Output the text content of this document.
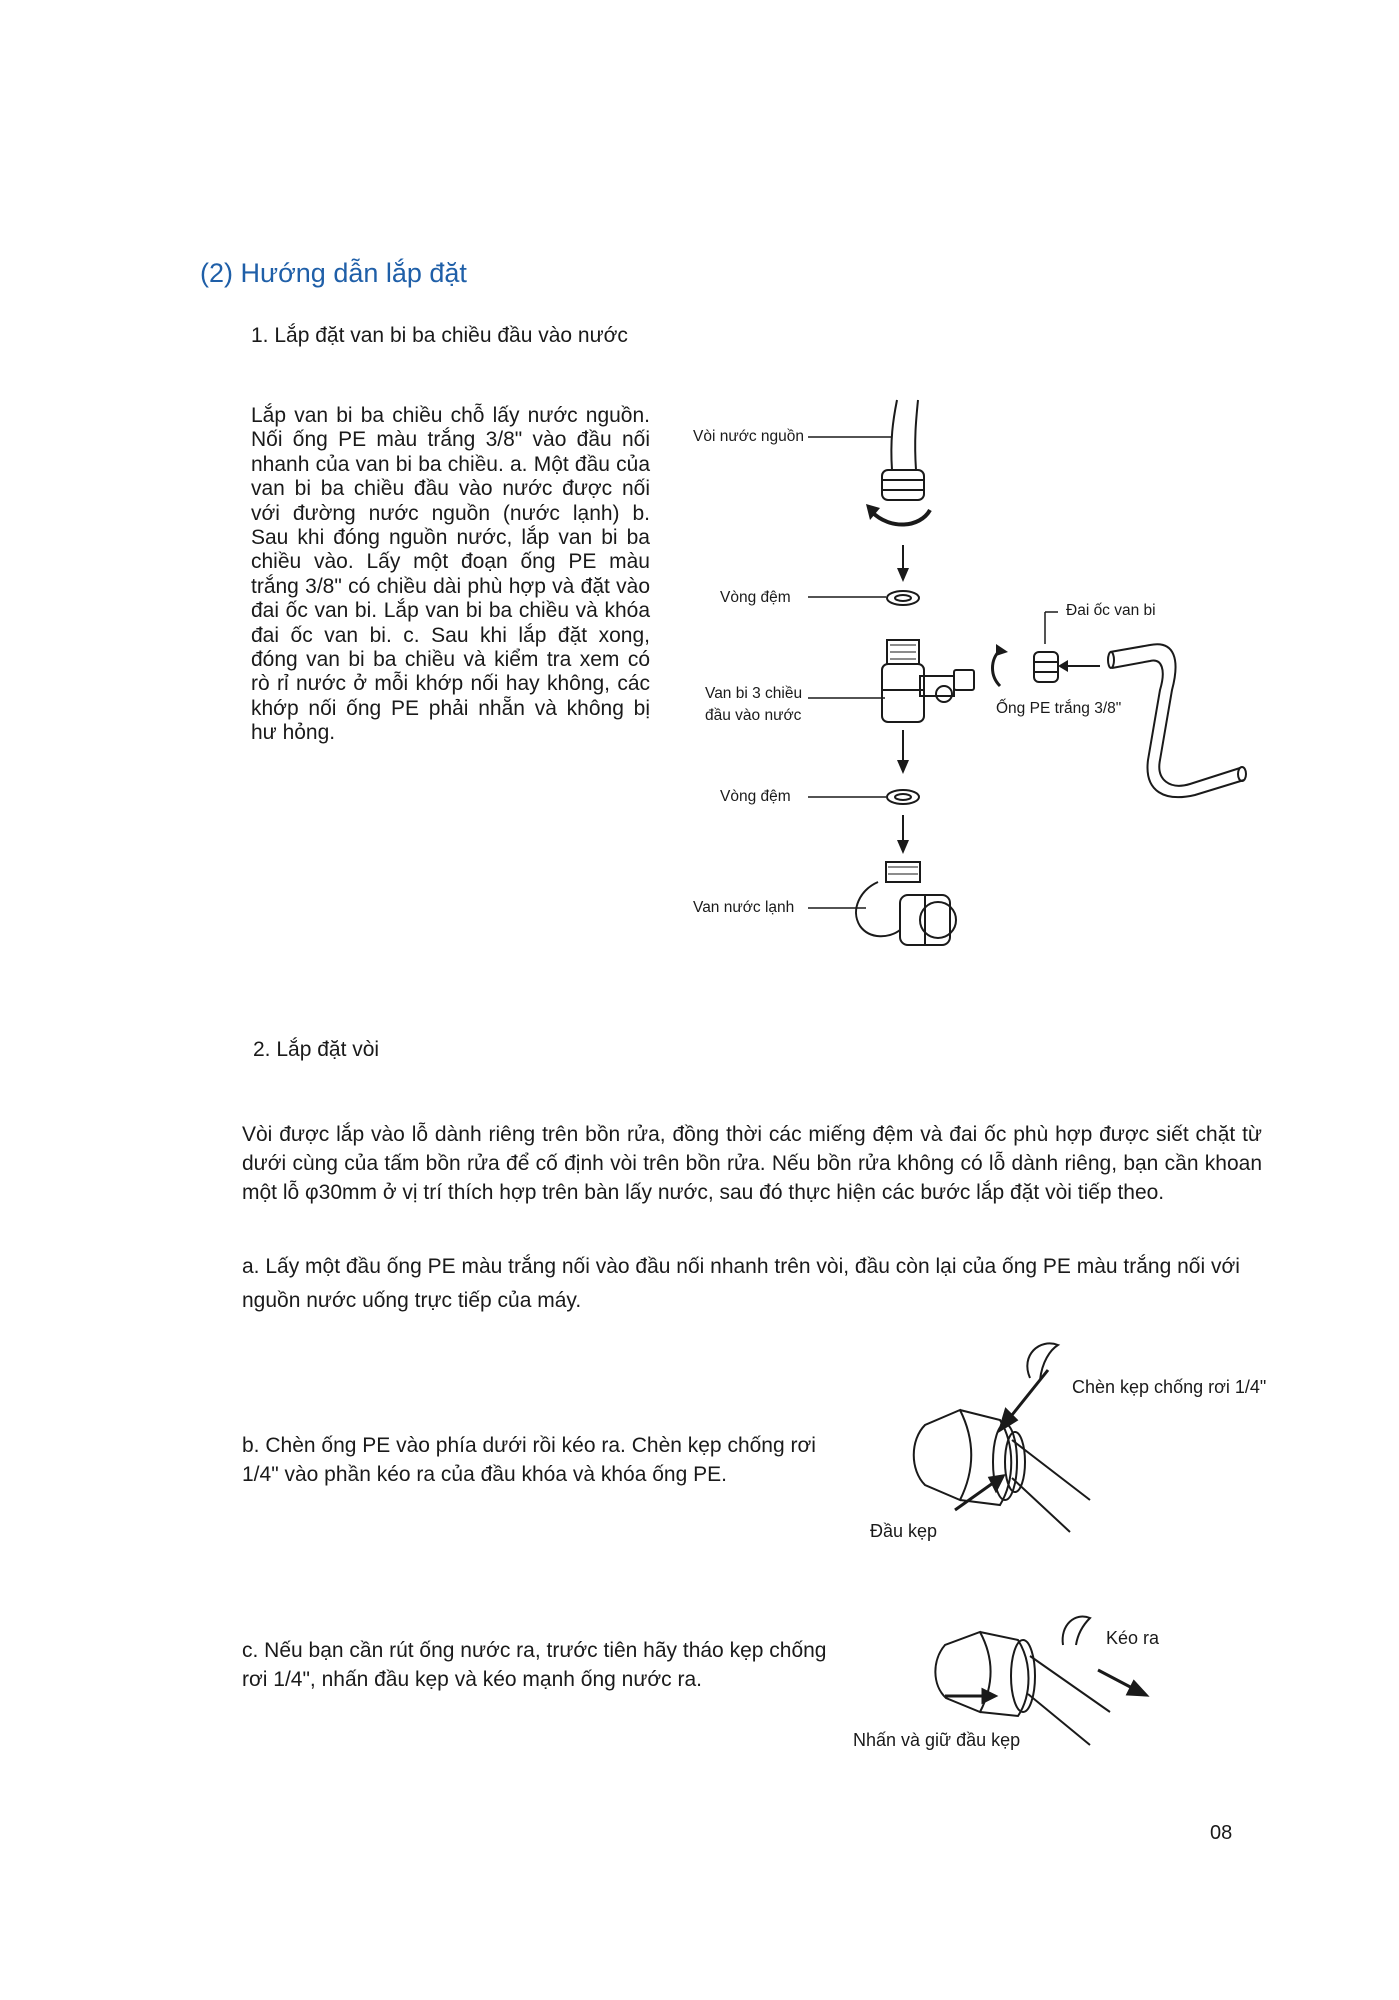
(2) Hướng dẫn lắp đặt
1. Lắp đặt van bi ba chiều đầu vào nước
Lắp van bi ba chiều chỗ lấy nước nguồn. Nối ống PE màu trắng 3/8" vào đầu nối nhanh của van bi ba chiều. a. Một đầu của van bi ba chiều đầu vào nước được nối với đường nước nguồn (nước lạnh) b. Sau khi đóng nguồn nước, lắp van bi ba chiều vào. Lấy một đoạn ống PE màu trắng 3/8" có chiều dài phù hợp và đặt vào đai ốc van bi. Lắp van bi ba chiều và khóa đai ốc van bi. c. Sau khi lắp đặt xong, đóng van bi ba chiều và kiểm tra xem có rò rỉ nước ở mỗi khớp nối hay không, các khớp nối ống PE phải nhẵn và không bị hư hỏng.
Vòi nước nguồn
Vòng đệm
Van bi 3 chiều
đầu vào nước
Vòng đệm
Van nước lạnh
Đai ốc van bi
Ống PE trắng 3/8"
2. Lắp đặt vòi
Vòi được lắp vào lỗ dành riêng trên bồn rửa, đồng thời các miếng đệm và đai ốc phù hợp được siết chặt từ dưới cùng của tấm bồn rửa để cố định vòi trên bồn rửa. Nếu bồn rửa không có lỗ dành riêng, bạn cần khoan một lỗ φ30mm ở vị trí thích hợp trên bàn lấy nước, sau đó thực hiện các bước lắp đặt vòi tiếp theo.
a. Lấy một đầu ống PE màu trắng nối vào đầu nối nhanh trên vòi, đầu còn lại của ống PE màu trắng nối với nguồn nước uống trực tiếp của máy.
b. Chèn ống PE vào phía dưới rồi kéo ra. Chèn kẹp chống rơi 1/4" vào phần kéo ra của đầu khóa và khóa ống PE.
c. Nếu bạn cần rút ống nước ra, trước tiên hãy tháo kẹp chống rơi 1/4", nhấn đầu kẹp và kéo mạnh ống nước ra.
Chèn kẹp chống rơi 1/4"
Đầu kẹp
Kéo ra
Nhấn và giữ đầu kẹp
08
